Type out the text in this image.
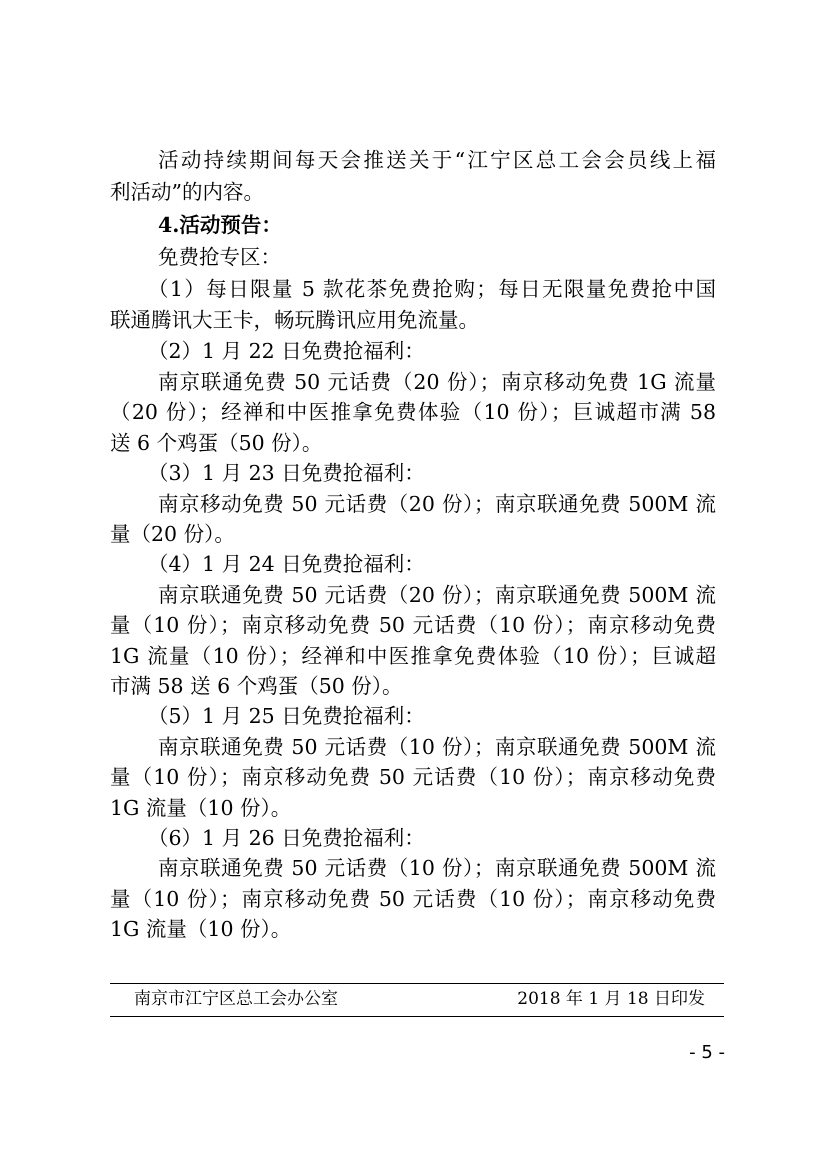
活动持续期间每天会推送关于“江宁区总工会会员线上福
利活动”的内容。
4.活动预告：
免费抢专区：
（1）每日限量 5 款花茶免费抢购；每日无限量免费抢中国
联通腾讯大王卡，畅玩腾讯应用免流量。
（2）1 月 22 日免费抢福利：
南京联通免费 50 元话费（20 份）；南京移动免费 1G 流量
（20 份）；经禅和中医推拿免费体验（10 份）；巨诚超市满 58
送 6 个鸡蛋（50 份）。
（3）1 月 23 日免费抢福利：
南京移动免费 50 元话费（20 份）；南京联通免费 500M 流
量（20 份）。
（4）1 月 24 日免费抢福利：
南京联通免费 50 元话费（20 份）；南京联通免费 500M 流
量（10 份）；南京移动免费 50 元话费（10 份）；南京移动免费
1G 流量（10 份）；经禅和中医推拿免费体验（10 份）；巨诚超
市满 58 送 6 个鸡蛋（50 份）。
（5）1 月 25 日免费抢福利：
南京联通免费 50 元话费（10 份）；南京联通免费 500M 流
量（10 份）；南京移动免费 50 元话费（10 份）；南京移动免费
1G 流量（10 份）。
（6）1 月 26 日免费抢福利：
南京联通免费 50 元话费（10 份）；南京联通免费 500M 流
量（10 份）；南京移动免费 50 元话费（10 份）；南京移动免费
1G 流量（10 份）。
南京市江宁区总工会办公室	2018 年 1 月 18 日印发
- 5 -
